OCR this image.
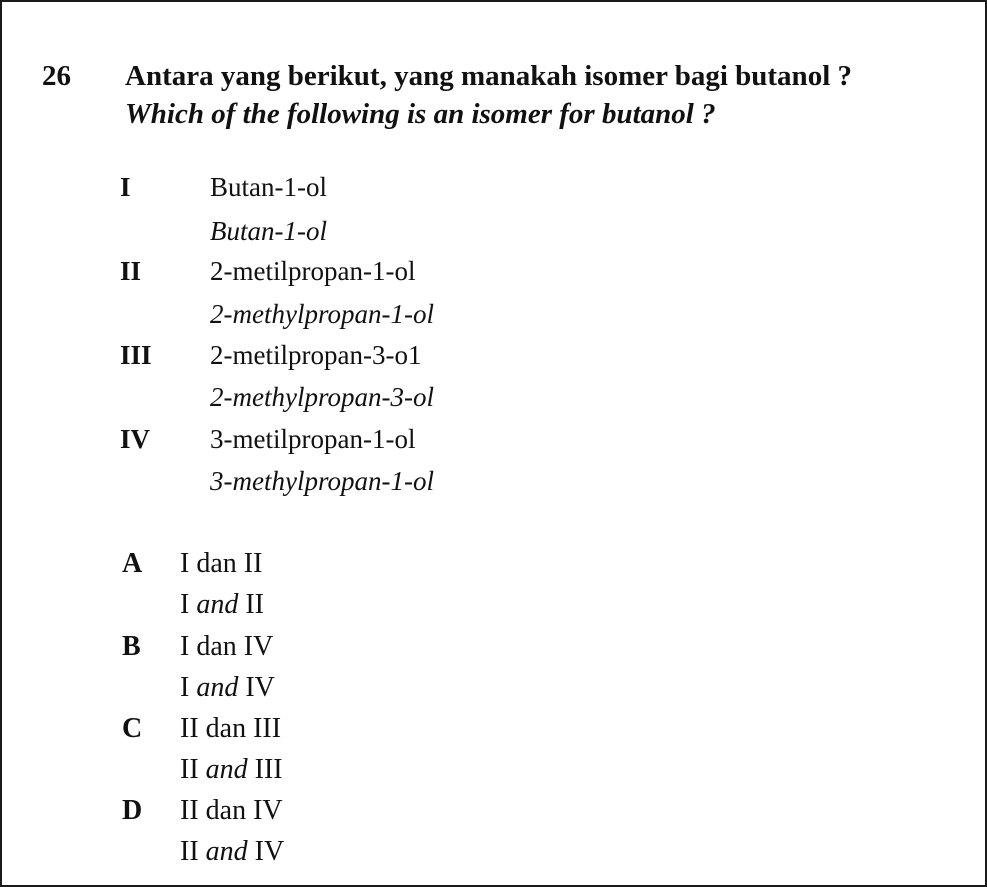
26 Antara yang berikut, yang manakah isomer bagi butanol ?
Which of the following is an isomer for butanol ?
I	Butan-1-ol
Butan-1-ol
II	2-metilpropan-1-ol
2-methylpropan-1-ol
III 2-metilpropan-3-o1
2-methylpropan-3-ol
IV 3-metilpropan-1-ol
3-methylpropan-1-ol
A I dan II
I and II
B I dan IV
I and IV
C II dan III
II and III
D II dan IV
II and IV
